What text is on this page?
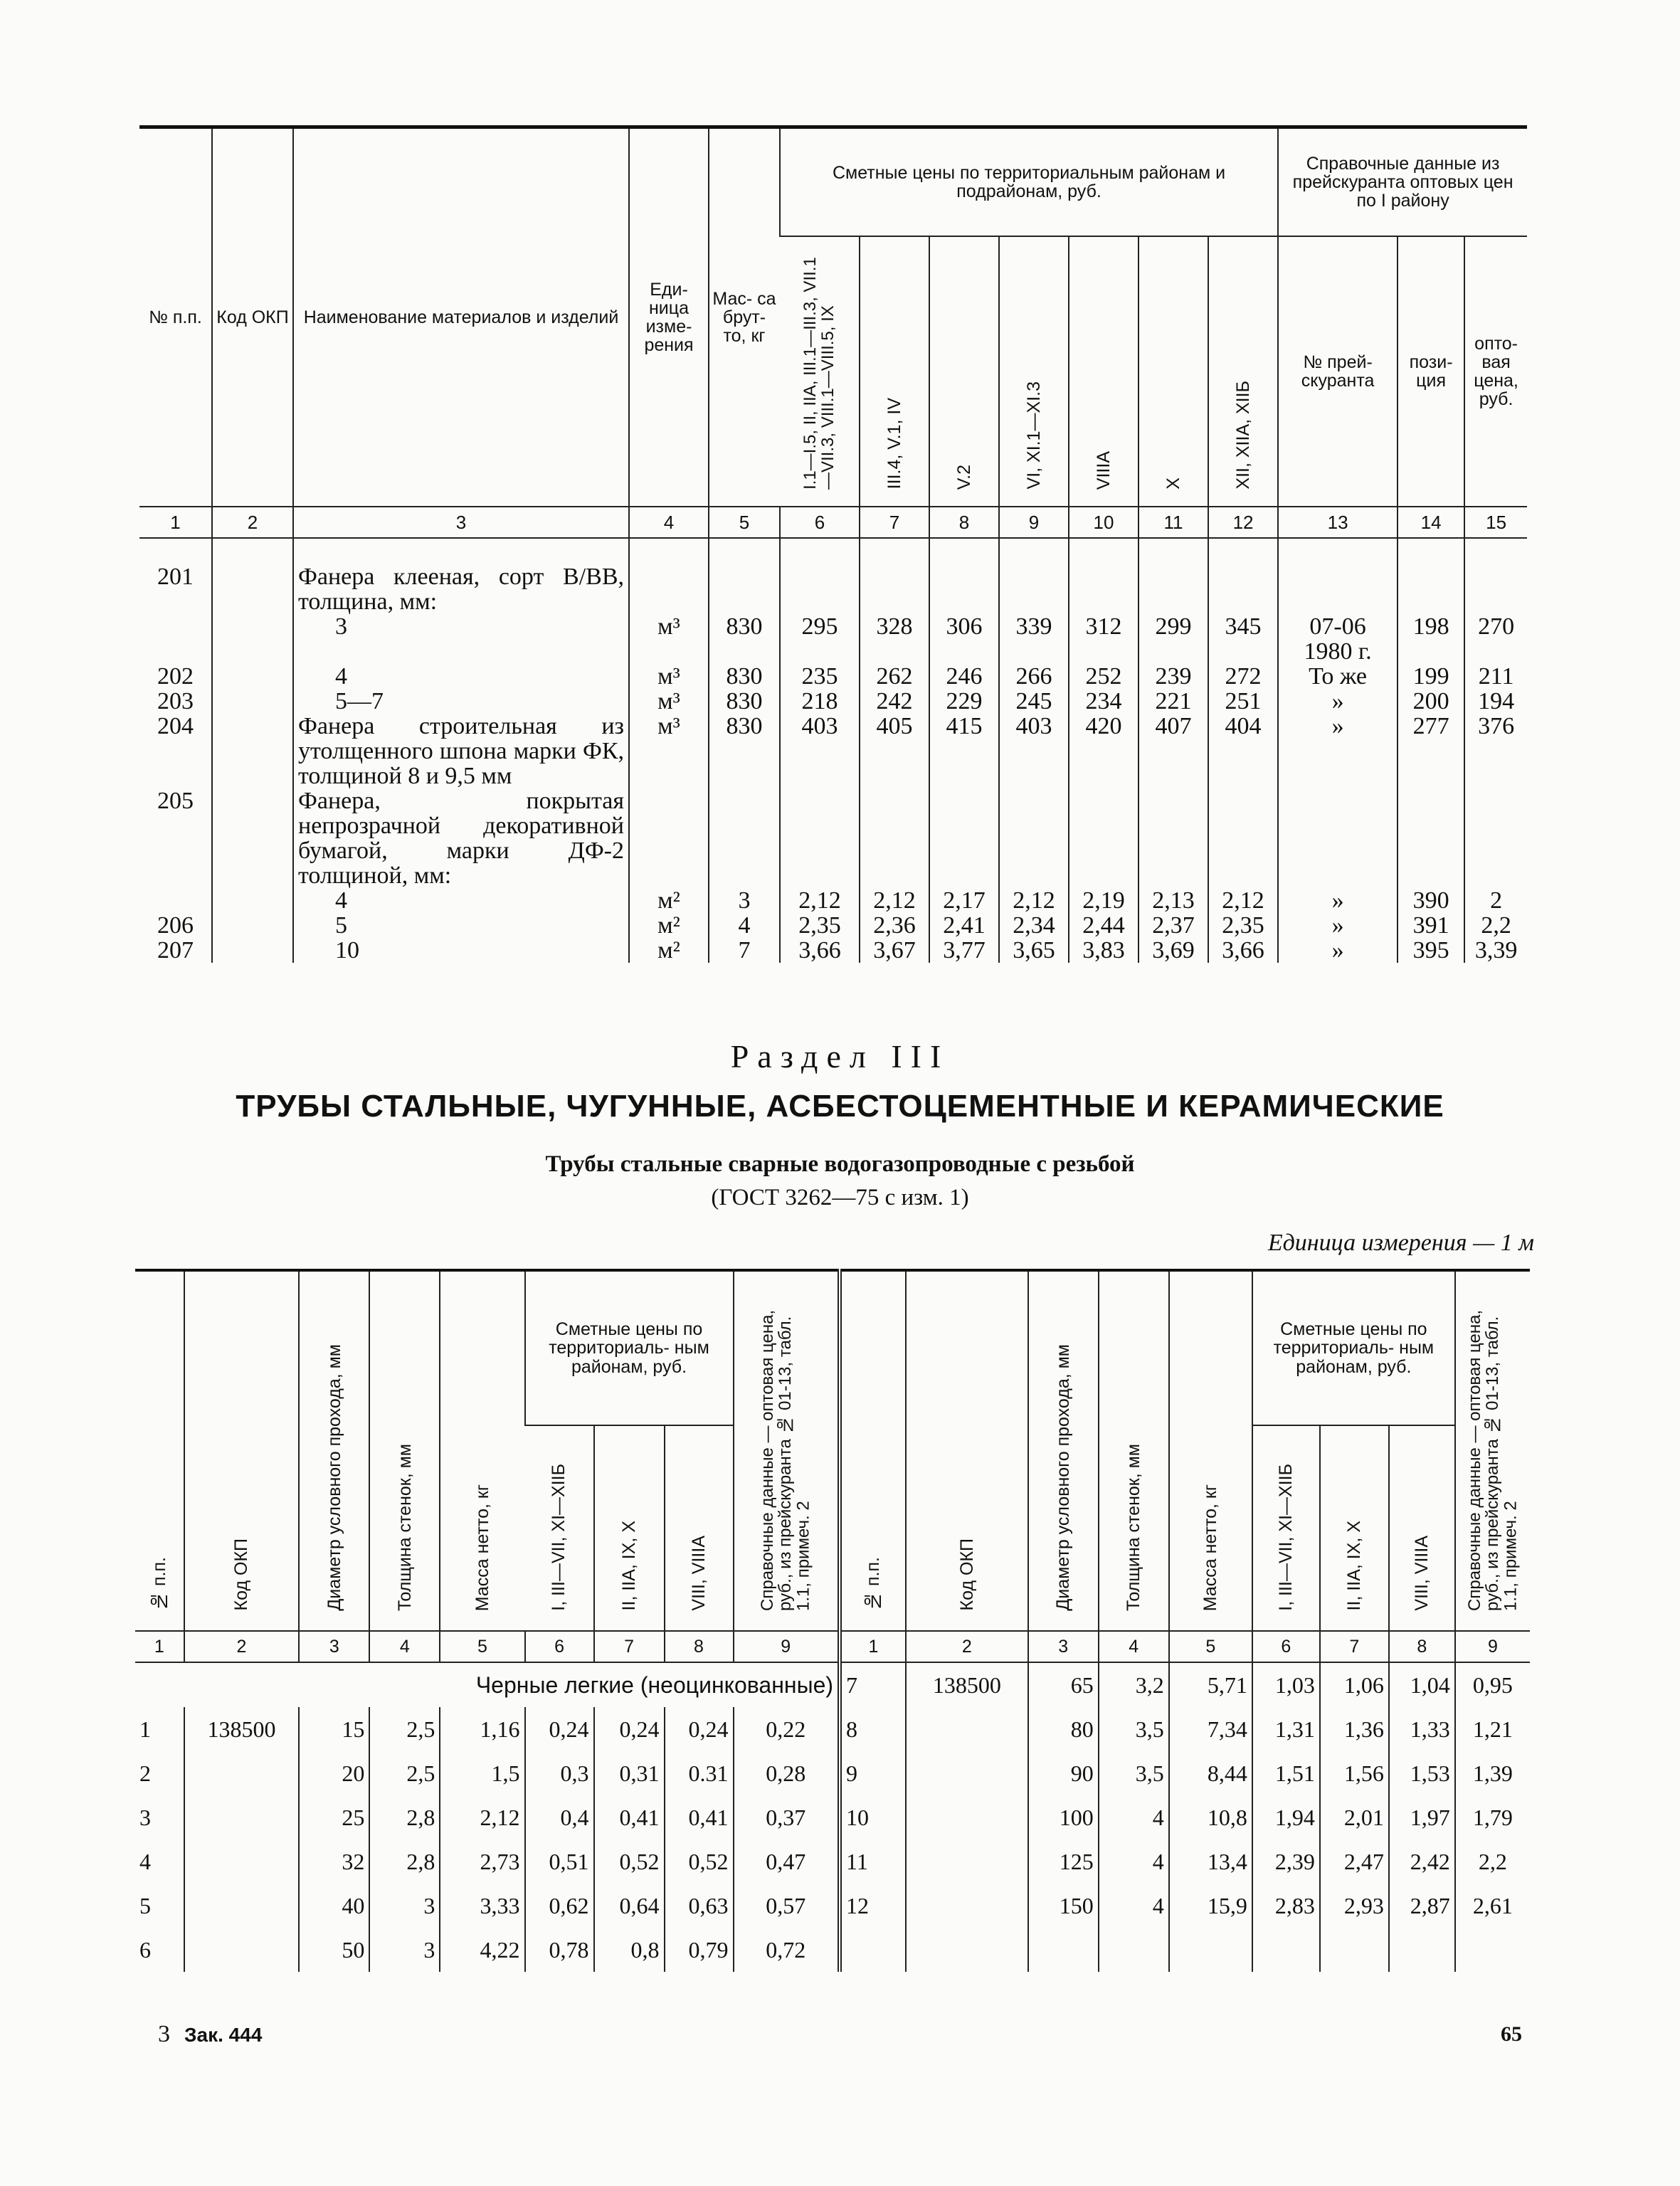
№ п.п.	Код ОКП	Наименование материалов и изделий	Еди- ница изме- рения	Мас- са брут- то, кг	Сметные цены по территориальным районам и подрайонам, руб.							Справочные данные из прейскуранта оптовых цен по I району		
					I.1—I.5, II, IIА, III.1—III.3, VII.1—VII.3, VIII.1—VIII.5, IX	III.4, V.1, IV	V.2	VI, XI.1—XI.3	VIIIA	X	XII, XIIA, XIIБ	№ прей- скуранта	пози- ция	опто- вая цена, руб.
1	2	3	4	5	6	7	8	9	10	11	12	13	14	15

201		Фанера клееная, сорт В/ВВ, толщина, мм:												
		3	м³	830	295	328	306	339	312	299	345	07-06 1980 г.	198	270
202		4	м³	830	235	262	246	266	252	239	272	То же	199	211
203		5—7	м³	830	218	242	229	245	234	221	251	»	200	194
204		Фанера строительная из утолщенного шпона марки ФК, толщиной 8 и 9,5 мм	м³	830	403	405	415	403	420	407	404	»	277	376
205		Фанера, покрытая непрозрачной декоративной бумагой, марки ДФ-2 толщиной, мм:												
		4	м²	3	2,12	2,12	2,17	2,12	2,19	2,13	2,12	»	390	2
206		5	м²	4	2,35	2,36	2,41	2,34	2,44	2,37	2,35	»	391	2,2
207		10	м²	7	3,66	3,67	3,77	3,65	3,83	3,69	3,66	»	395	3,39
Раздел III
ТРУБЫ СТАЛЬНЫЕ, ЧУГУННЫЕ, АСБЕСТОЦЕМЕНТНЫЕ И КЕРАМИЧЕСКИЕ
Трубы стальные сварные водогазопроводные с резьбой
(ГОСТ 3262—75 с изм. 1)
Единица измерения — 1 м
№ п.п.	Код ОКП	Диаметр условного прохода, мм	Толщина стенок, мм	Масса нетто, кг	Сметные цены по территориаль- ным районам, руб.			Справочные данные — оптовая цена, руб., из прейскуранта № 01-13, табл. 1.1, примеч. 2	№ п.п.	Код ОКП	Диаметр условного прохода, мм	Толщина стенок, мм	Масса нетто, кг	Сметные цены по территориаль- ным районам, руб.			Справочные данные — оптовая цена, руб., из прейскуранта № 01-13, табл. 1.1, примеч. 2
					I, III—VII, XI—XIIБ	II, IIА, IX, X	VIII, VIIIA							I, III—VII, XI—XIIБ	II, IIА, IX, X	VIII, VIIIA	
1	2	3	4	5	6	7	8	9	1	2	3	4	5	6	7	8	9
Черные легкие (неоцинкованные)									7	138500	65	3,2	5,71	1,03	1,06	1,04	0,95
1	138500	15	2,5	1,16	0,24	0,24	0,24	0,22	8		80	3,5	7,34	1,31	1,36	1,33	1,21
2		20	2,5	1,5	0,3	0,31	0.31	0,28	9		90	3,5	8,44	1,51	1,56	1,53	1,39
3		25	2,8	2,12	0,4	0,41	0,41	0,37	10		100	4	10,8	1,94	2,01	1,97	1,79
4		32	2,8	2,73	0,51	0,52	0,52	0,47	11		125	4	13,4	2,39	2,47	2,42	2,2
5		40	3	3,33	0,62	0,64	0,63	0,57	12		150	4	15,9	2,83	2,93	2,87	2,61
6		50	3	4,22	0,78	0,8	0,79	0,72									
3 Зак. 444	65
